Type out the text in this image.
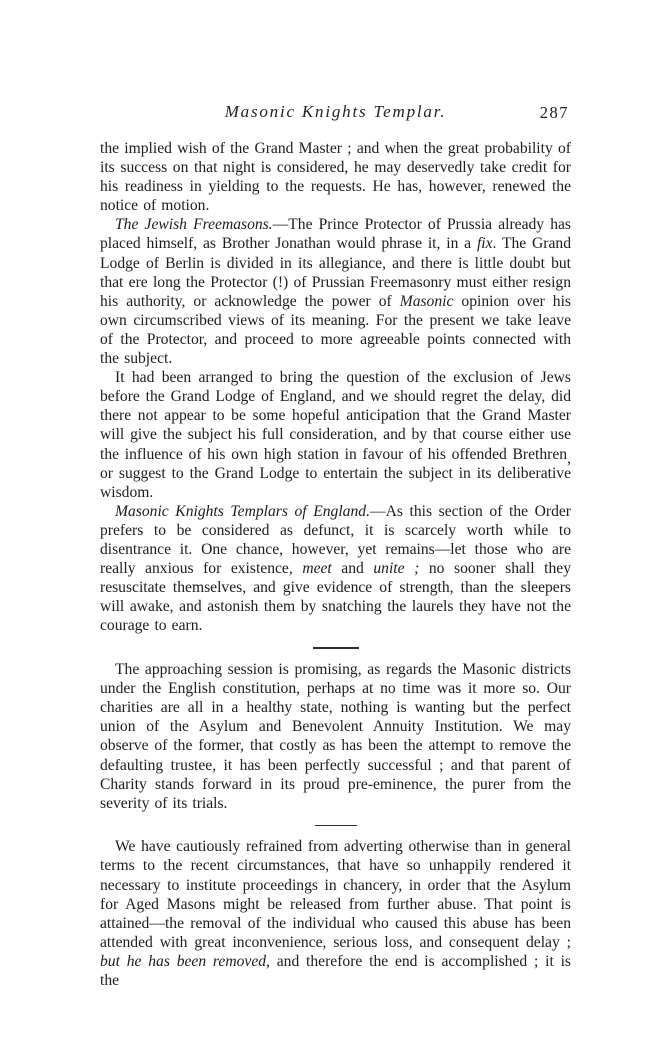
Masonic Knights Templar.	287

the implied wish of the Grand Master ; and when the great probability of its success on that night is considered, he may deservedly take credit for his readiness in yielding to the requests. He has, however, renewed the notice of motion.

The Jewish Freemasons.—The Prince Protector of Prussia already has placed himself, as Brother Jonathan would phrase it, in a fix. The Grand Lodge of Berlin is divided in its allegiance, and there is little doubt but that ere long the Protector (!) of Prussian Freemasonry must either resign his authority, or acknowledge the power of Masonic opinion over his own circumscribed views of its meaning. For the present we take leave of the Protector, and proceed to more agreeable points connected with the subject.

It had been arranged to bring the question of the exclusion of Jews before the Grand Lodge of England, and we should regret the delay, did there not appear to be some hopeful anticipation that the Grand Master will give the subject his full consideration, and by that course either use the influence of his own high station in favour of his offended Brethren, or suggest to the Grand Lodge to entertain the subject in its deliberative wisdom.

Masonic Knights Templars of England.—As this section of the Order prefers to be considered as defunct, it is scarcely worth while to disentrance it. One chance, however, yet remains—let those who are really anxious for existence, meet and unite ; no sooner shall they resuscitate themselves, and give evidence of strength, than the sleepers will awake, and astonish them by snatching the laurels they have not the courage to earn.

The approaching session is promising, as regards the Masonic districts under the English constitution, perhaps at no time was it more so. Our charities are all in a healthy state, nothing is wanting but the perfect union of the Asylum and Benevolent Annuity Institution. We may observe of the former, that costly as has been the attempt to remove the defaulting trustee, it has been perfectly successful ; and that parent of Charity stands forward in its proud pre-eminence, the purer from the severity of its trials.

We have cautiously refrained from adverting otherwise than in general terms to the recent circumstances, that have so unhappily rendered it necessary to institute proceedings in chancery, in order that the Asylum for Aged Masons might be released from further abuse. That point is attained—the removal of the individual who caused this abuse has been attended with great inconvenience, serious loss, and consequent delay ; but he has been removed, and therefore the end is accomplished ; it is the
